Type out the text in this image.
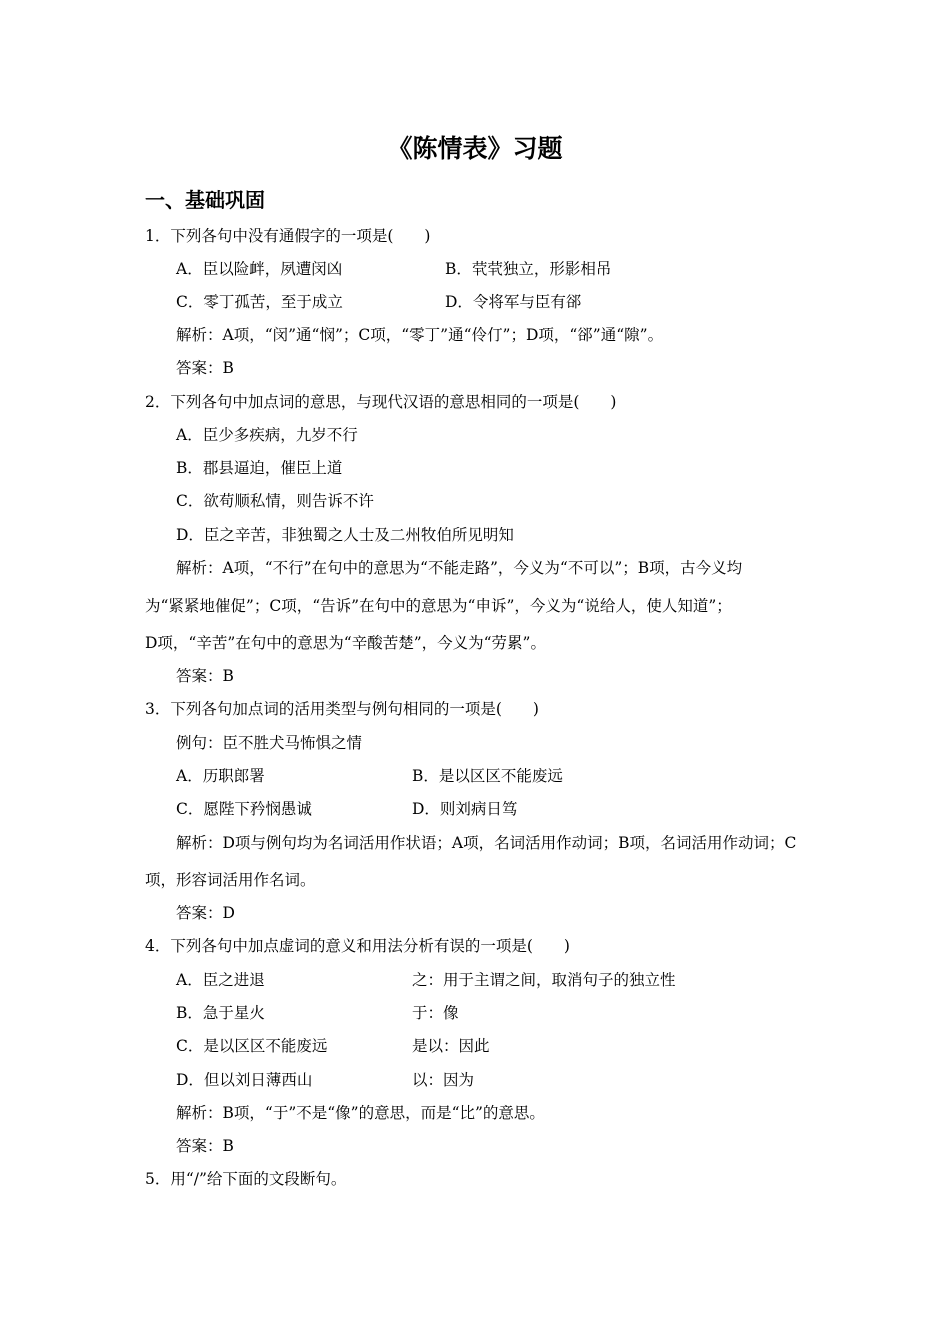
《陈情表》习题
一、基础巩固
1．下列各句中没有通假字的一项是(　　)
A．臣以险衅，夙遭闵凶	B．茕茕独立，形影相吊
C．零丁孤苦，至于成立	D．令将军与臣有郤
解析：A项，“闵”通“悯”；C项，“零丁”通“伶仃”；D项，“郤”通“隙”。
答案：B
2．下列各句中加点词的意思，与现代汉语的意思相同的一项是(　　)
A．臣少多疾病，九岁不行
B．郡县逼迫，催臣上道
C．欲苟顺私情，则告诉不许
D．臣之辛苦，非独蜀之人士及二州牧伯所见明知
解析：A项，“不行”在句中的意思为“不能走路”，今义为“不可以”；B项，古今义均
为“紧紧地催促”；C项，“告诉”在句中的意思为“申诉”，今义为“说给人，使人知道”；
D项，“辛苦”在句中的意思为“辛酸苦楚”，今义为“劳累”。
答案：B
3．下列各句加点词的活用类型与例句相同的一项是(　　)
例句：臣不胜犬马怖惧之情
A．历职郎署	B．是以区区不能废远
C．愿陛下矜悯愚诚	D．则刘病日笃
解析：D项与例句均为名词活用作状语；A项，名词活用作动词；B项，名词活用作动词；C
项，形容词活用作名词。
答案：D
4．下列各句中加点虚词的意义和用法分析有误的一项是(　　)
A．臣之进退	之：用于主谓之间，取消句子的独立性
B．急于星火	于：像
C．是以区区不能废远	是以：因此
D．但以刘日薄西山	以：因为
解析：B项，“于”不是“像”的意思，而是“比”的意思。
答案：B
5．用“/”给下面的文段断句。
